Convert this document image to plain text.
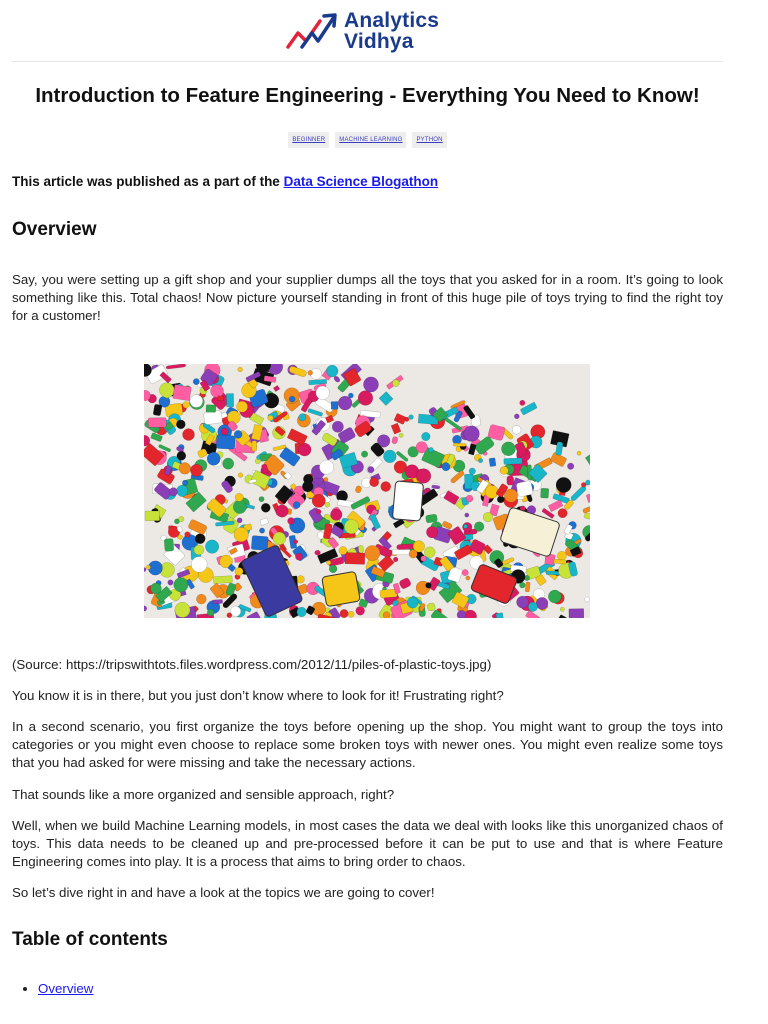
Analytics
Vidhya
Introduction to Feature Engineering - Everything You Need to Know!
BEGINNER MACHINE LEARNING PYTHON
This article was published as a part of the Data Science Blogathon
Overview

Say, you were setting up a gift shop and your supplier dumps all the toys that you asked for in a room. It’s going to look something like this. Total chaos! Now picture yourself standing in front of this huge pile of toys trying to find the right toy for a customer!

(Source: https://tripswithtots.files.wordpress.com/2012/11/piles-of-plastic-toys.jpg)

You know it is in there, but you just don’t know where to look for it! Frustrating right?

In a second scenario, you first organize the toys before opening up the shop. You might want to group the toys into categories or you might even choose to replace some broken toys with newer ones. You might even realize some toys that you had asked for were missing and take the necessary actions.

That sounds like a more organized and sensible approach, right?

Well, when we build Machine Learning models, in most cases the data we deal with looks like this unorganized chaos of toys. This data needs to be cleaned up and pre-processed before it can be put to use and that is where Feature Engineering comes into play. It is a process that aims to bring order to chaos.

So let’s dive right in and have a look at the topics we are going to cover!

Table of contents
• Overview
